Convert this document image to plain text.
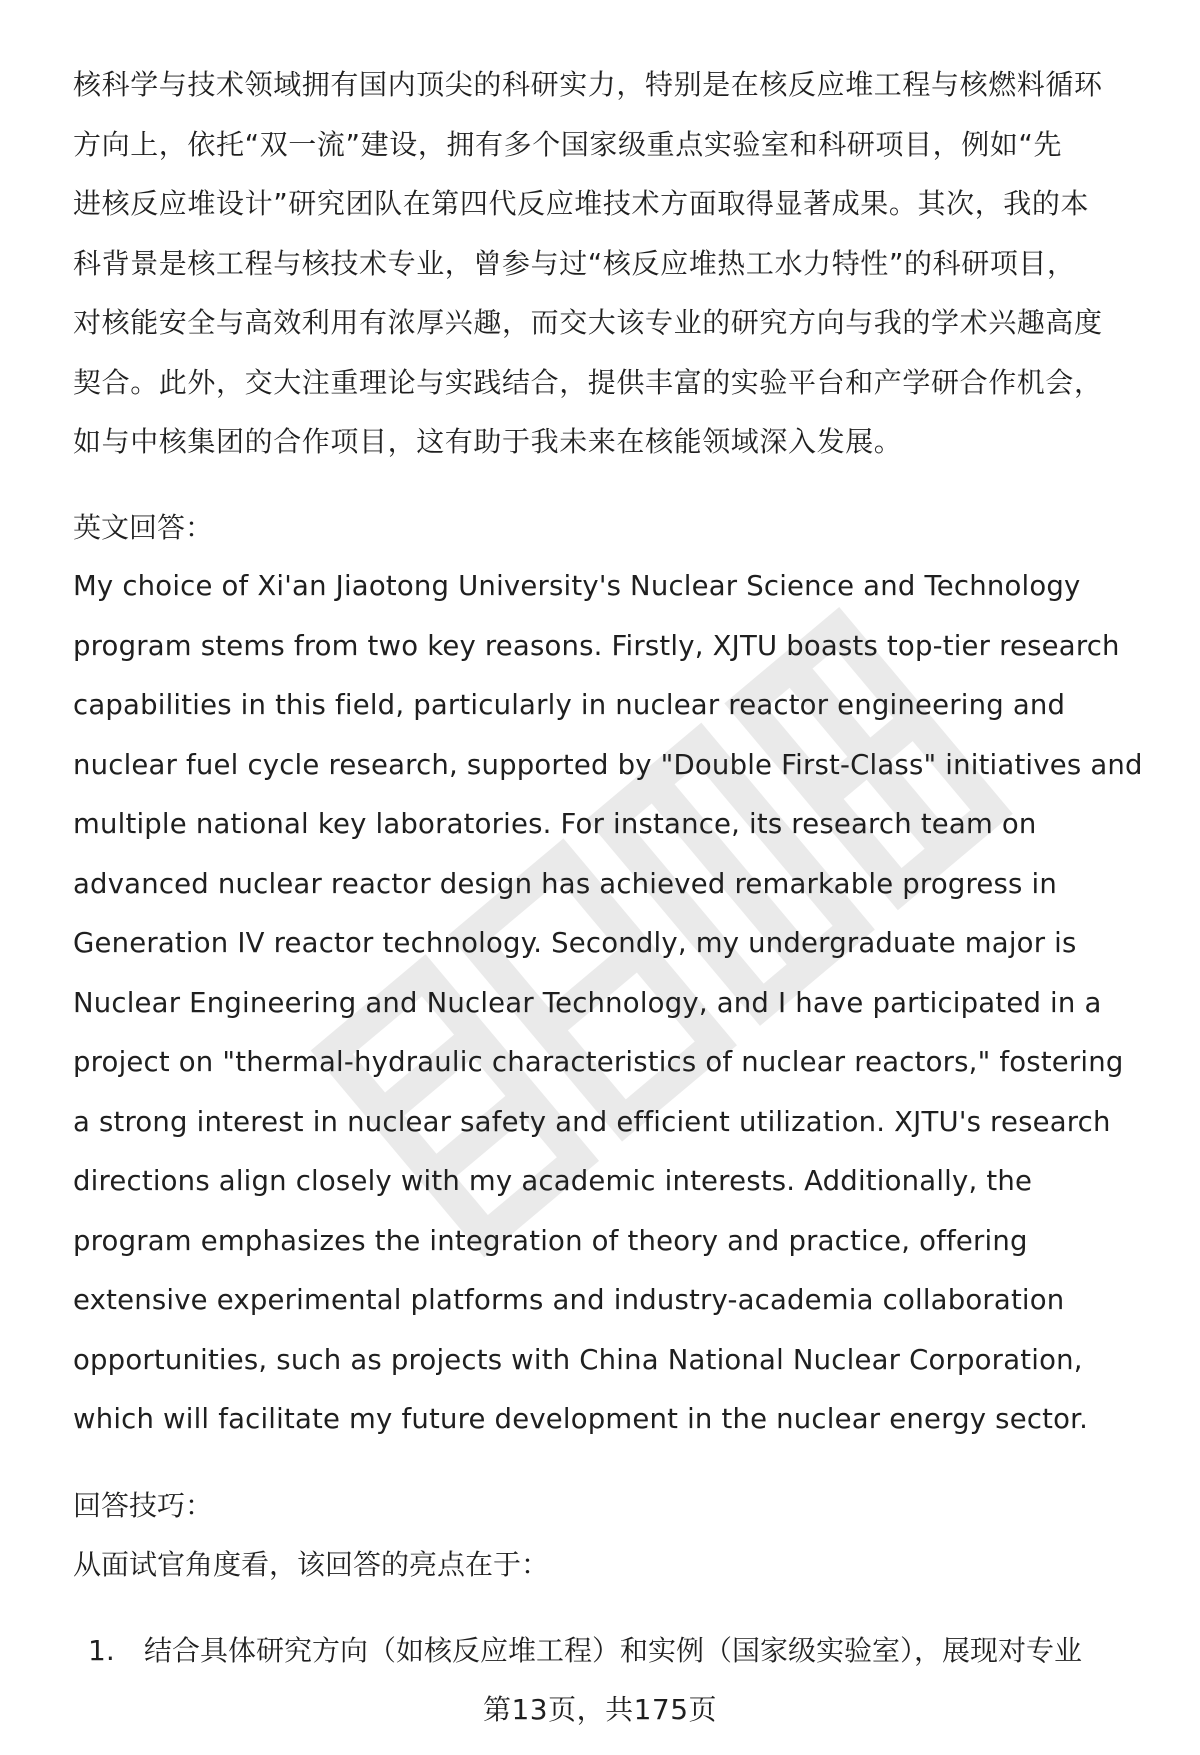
核科学与技术领域拥有国内顶尖的科研实力，特别是在核反应堆工程与核燃料循环

方向上，依托“双一流”建设，拥有多个国家级重点实验室和科研项目，例如“先

进核反应堆设计”研究团队在第四代反应堆技术方面取得显著成果。其次，我的本

科背景是核工程与核技术专业，曾参与过“核反应堆热工水力特性”的科研项目，

对核能安全与高效利用有浓厚兴趣，而交大该专业的研究方向与我的学术兴趣高度

契合。此外，交大注重理论与实践结合，提供丰富的实验平台和产学研合作机会，

如与中核集团的合作项目，这有助于我未来在核能领域深入发展。

英文回答：

My choice of Xi'an Jiaotong University's Nuclear Science and Technology

program stems from two key reasons. Firstly, XJTU boasts top-tier research

capabilities in this field, particularly in nuclear reactor engineering and

nuclear fuel cycle research, supported by "Double First-Class" initiatives and

multiple national key laboratories. For instance, its research team on

advanced nuclear reactor design has achieved remarkable progress in

Generation IV reactor technology. Secondly, my undergraduate major is

Nuclear Engineering and Nuclear Technology, and I have participated in a

project on "thermal-hydraulic characteristics of nuclear reactors," fostering

a strong interest in nuclear safety and efficient utilization. XJTU's research

directions align closely with my academic interests. Additionally, the

program emphasizes the integration of theory and practice, offering

extensive experimental platforms and industry-academia collaboration

opportunities, such as projects with China National Nuclear Corporation,

which will facilitate my future development in the nuclear energy sector.

回答技巧：

从面试官角度看，该回答的亮点在于：

1.	结合具体研究方向（如核反应堆工程）和实例（国家级实验室），展现对专业
第13页，共175页
